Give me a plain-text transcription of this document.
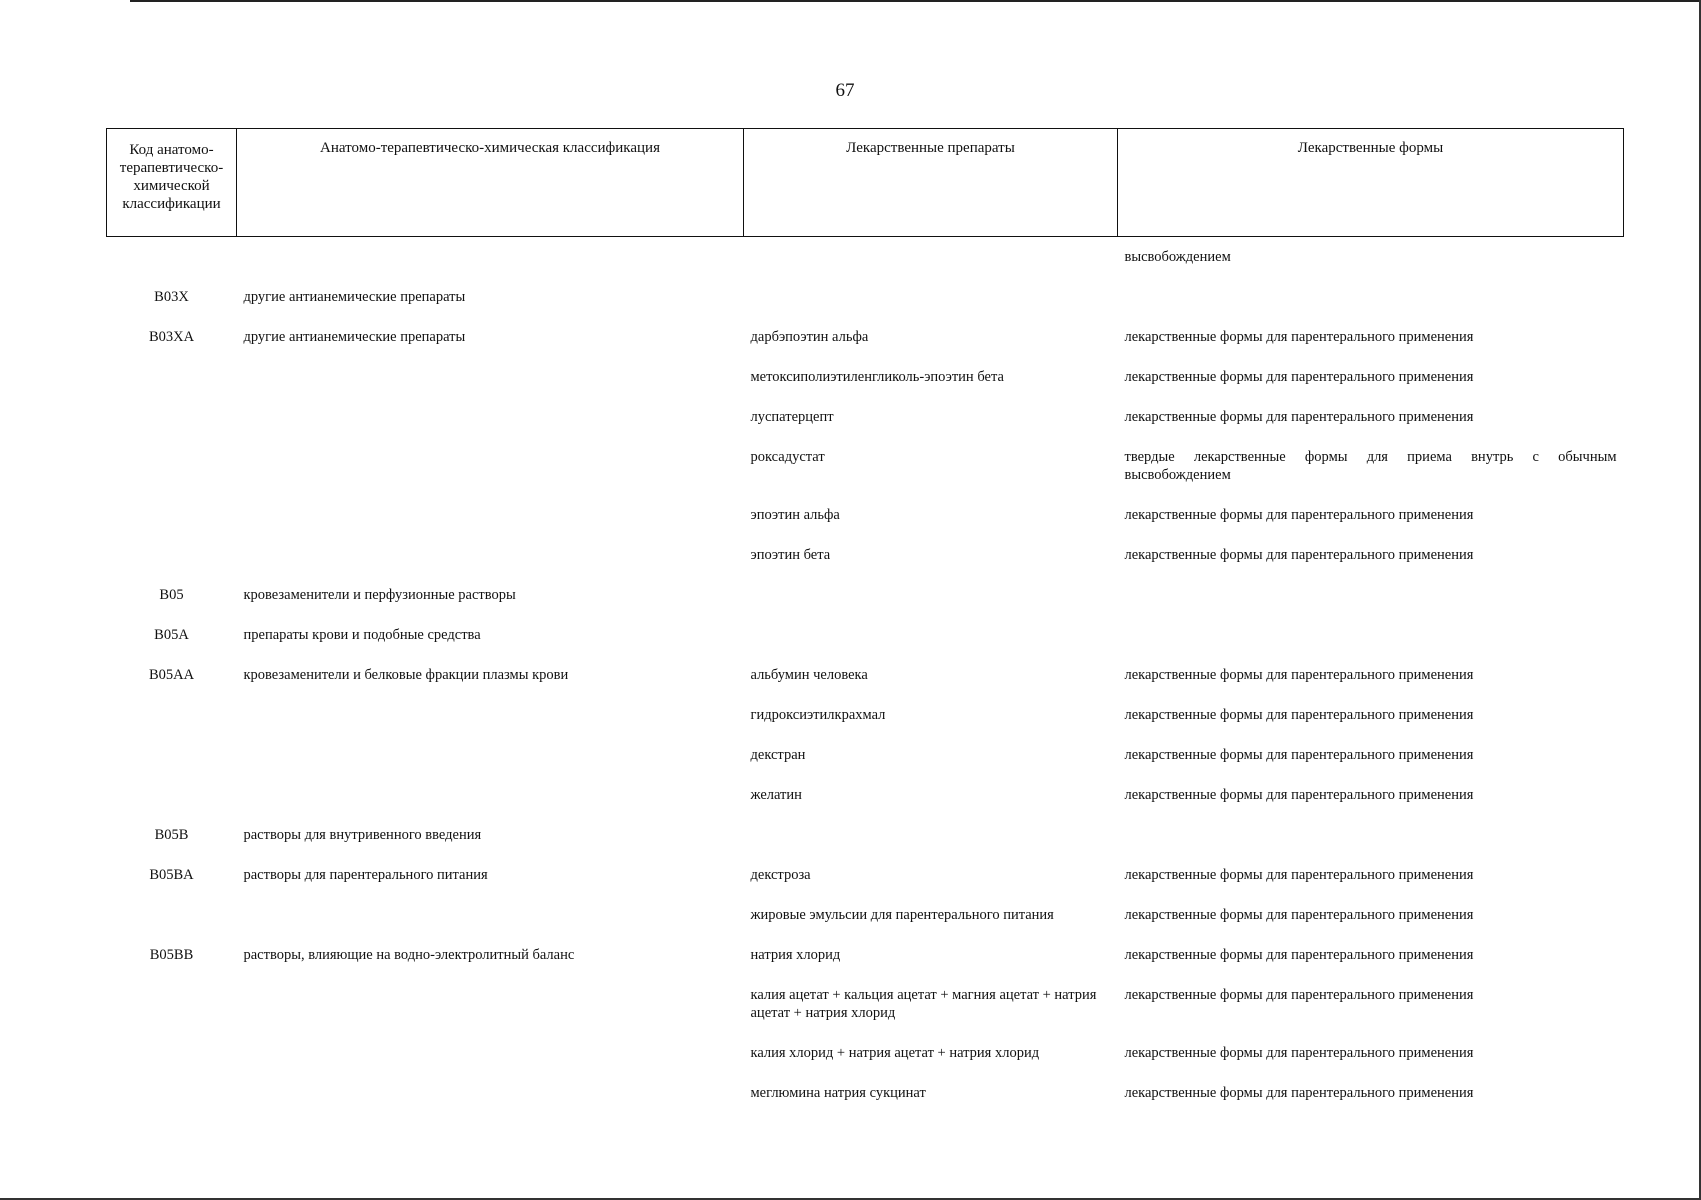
67
Код анатомо-терапевтическо-химической классификации	Анатомо-терапевтическо-химическая классификация	Лекарственные препараты	Лекарственные формы
			высвобождением
B03X	другие антианемические препараты		
B03XA	другие антианемические препараты	дарбэпоэтин альфа	лекарственные формы для парентерального применения
		метоксиполиэтиленгликоль-эпоэтин бета	лекарственные формы для парентерального применения
		луспатерцепт	лекарственные формы для парентерального применения
		роксадустат	твердые лекарственные формы для приема внутрь с обычным высвобождением
		эпоэтин альфа	лекарственные формы для парентерального применения
		эпоэтин бета	лекарственные формы для парентерального применения
B05	кровезаменители и перфузионные растворы		
B05A	препараты крови и подобные средства		
B05AA	кровезаменители и белковые фракции плазмы крови	альбумин человека	лекарственные формы для парентерального применения
		гидроксиэтилкрахмал	лекарственные формы для парентерального применения
		декстран	лекарственные формы для парентерального применения
		желатин	лекарственные формы для парентерального применения
B05B	растворы для внутривенного введения		
B05BA	растворы для парентерального питания	декстроза	лекарственные формы для парентерального применения
		жировые эмульсии для парентерального питания	лекарственные формы для парентерального применения
B05BB	растворы, влияющие на водно-электролитный баланс	натрия хлорид	лекарственные формы для парентерального применения
		калия ацетат + кальция ацетат + магния ацетат + натрия ацетат + натрия хлорид	лекарственные формы для парентерального применения
		калия хлорид + натрия ацетат + натрия хлорид	лекарственные формы для парентерального применения
		меглюмина натрия сукцинат	лекарственные формы для парентерального применения
